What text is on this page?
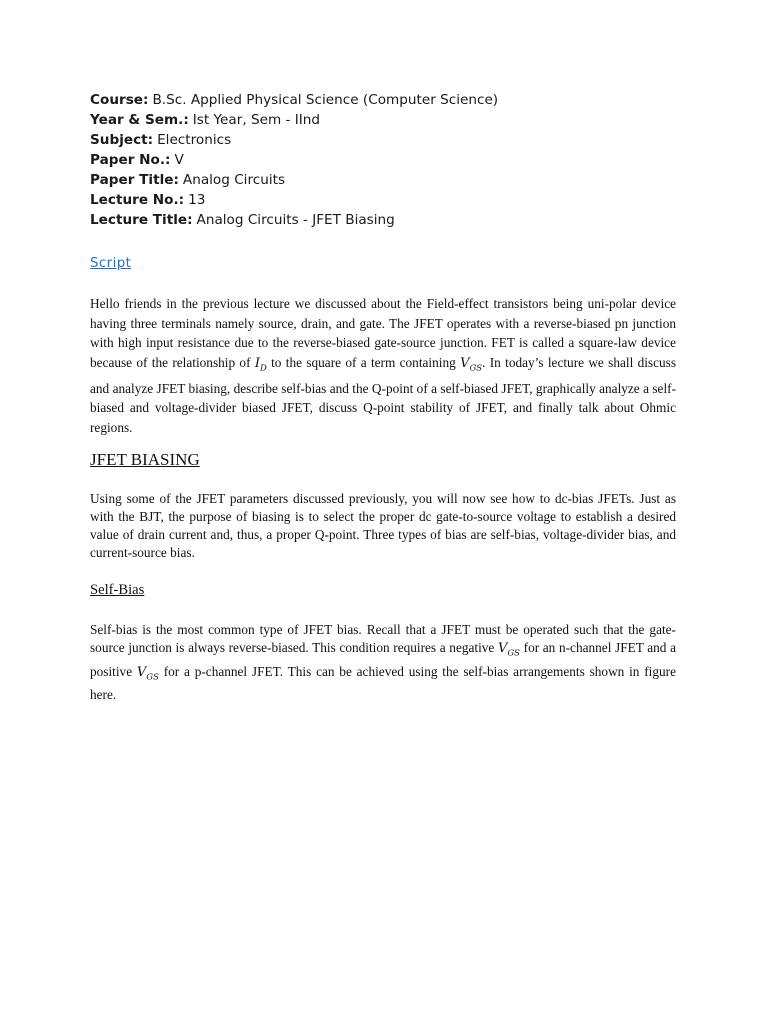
Course: B.Sc. Applied Physical Science (Computer Science)
Year & Sem.: Ist Year, Sem - IInd
Subject: Electronics
Paper No.: V
Paper Title: Analog Circuits
Lecture No.: 13
Lecture Title: Analog Circuits - JFET Biasing
Script

Hello friends in the previous lecture we discussed about the Field-effect transistors being uni-polar device having three terminals namely source, drain, and gate. The JFET operates with a reverse-biased pn junction with high input resistance due to the reverse-biased gate-source junction. FET is called a square-law device because of the relationship of $I_D$ to the square of a term containing $V_{GS}$. In today’s lecture we shall discuss and analyze JFET biasing, describe self-bias and the Q-point of a self-biased JFET, graphically analyze a self-biased and voltage-divider biased JFET, discuss Q-point stability of JFET, and finally talk about Ohmic regions.

JFET BIASING

Using some of the JFET parameters discussed previously, you will now see how to dc-bias JFETs. Just as with the BJT, the purpose of biasing is to select the proper dc gate-to-source voltage to establish a desired value of drain current and, thus, a proper Q-point. Three types of bias are self-bias, voltage-divider bias, and current-source bias.

Self-Bias

Self-bias is the most common type of JFET bias. Recall that a JFET must be operated such that the gate-source junction is always reverse-biased. This condition requires a negative $V_{GS}$ for an n-channel JFET and a positive $V_{GS}$ for a p-channel JFET. This can be achieved using the self-bias arrangements shown in figure here.
